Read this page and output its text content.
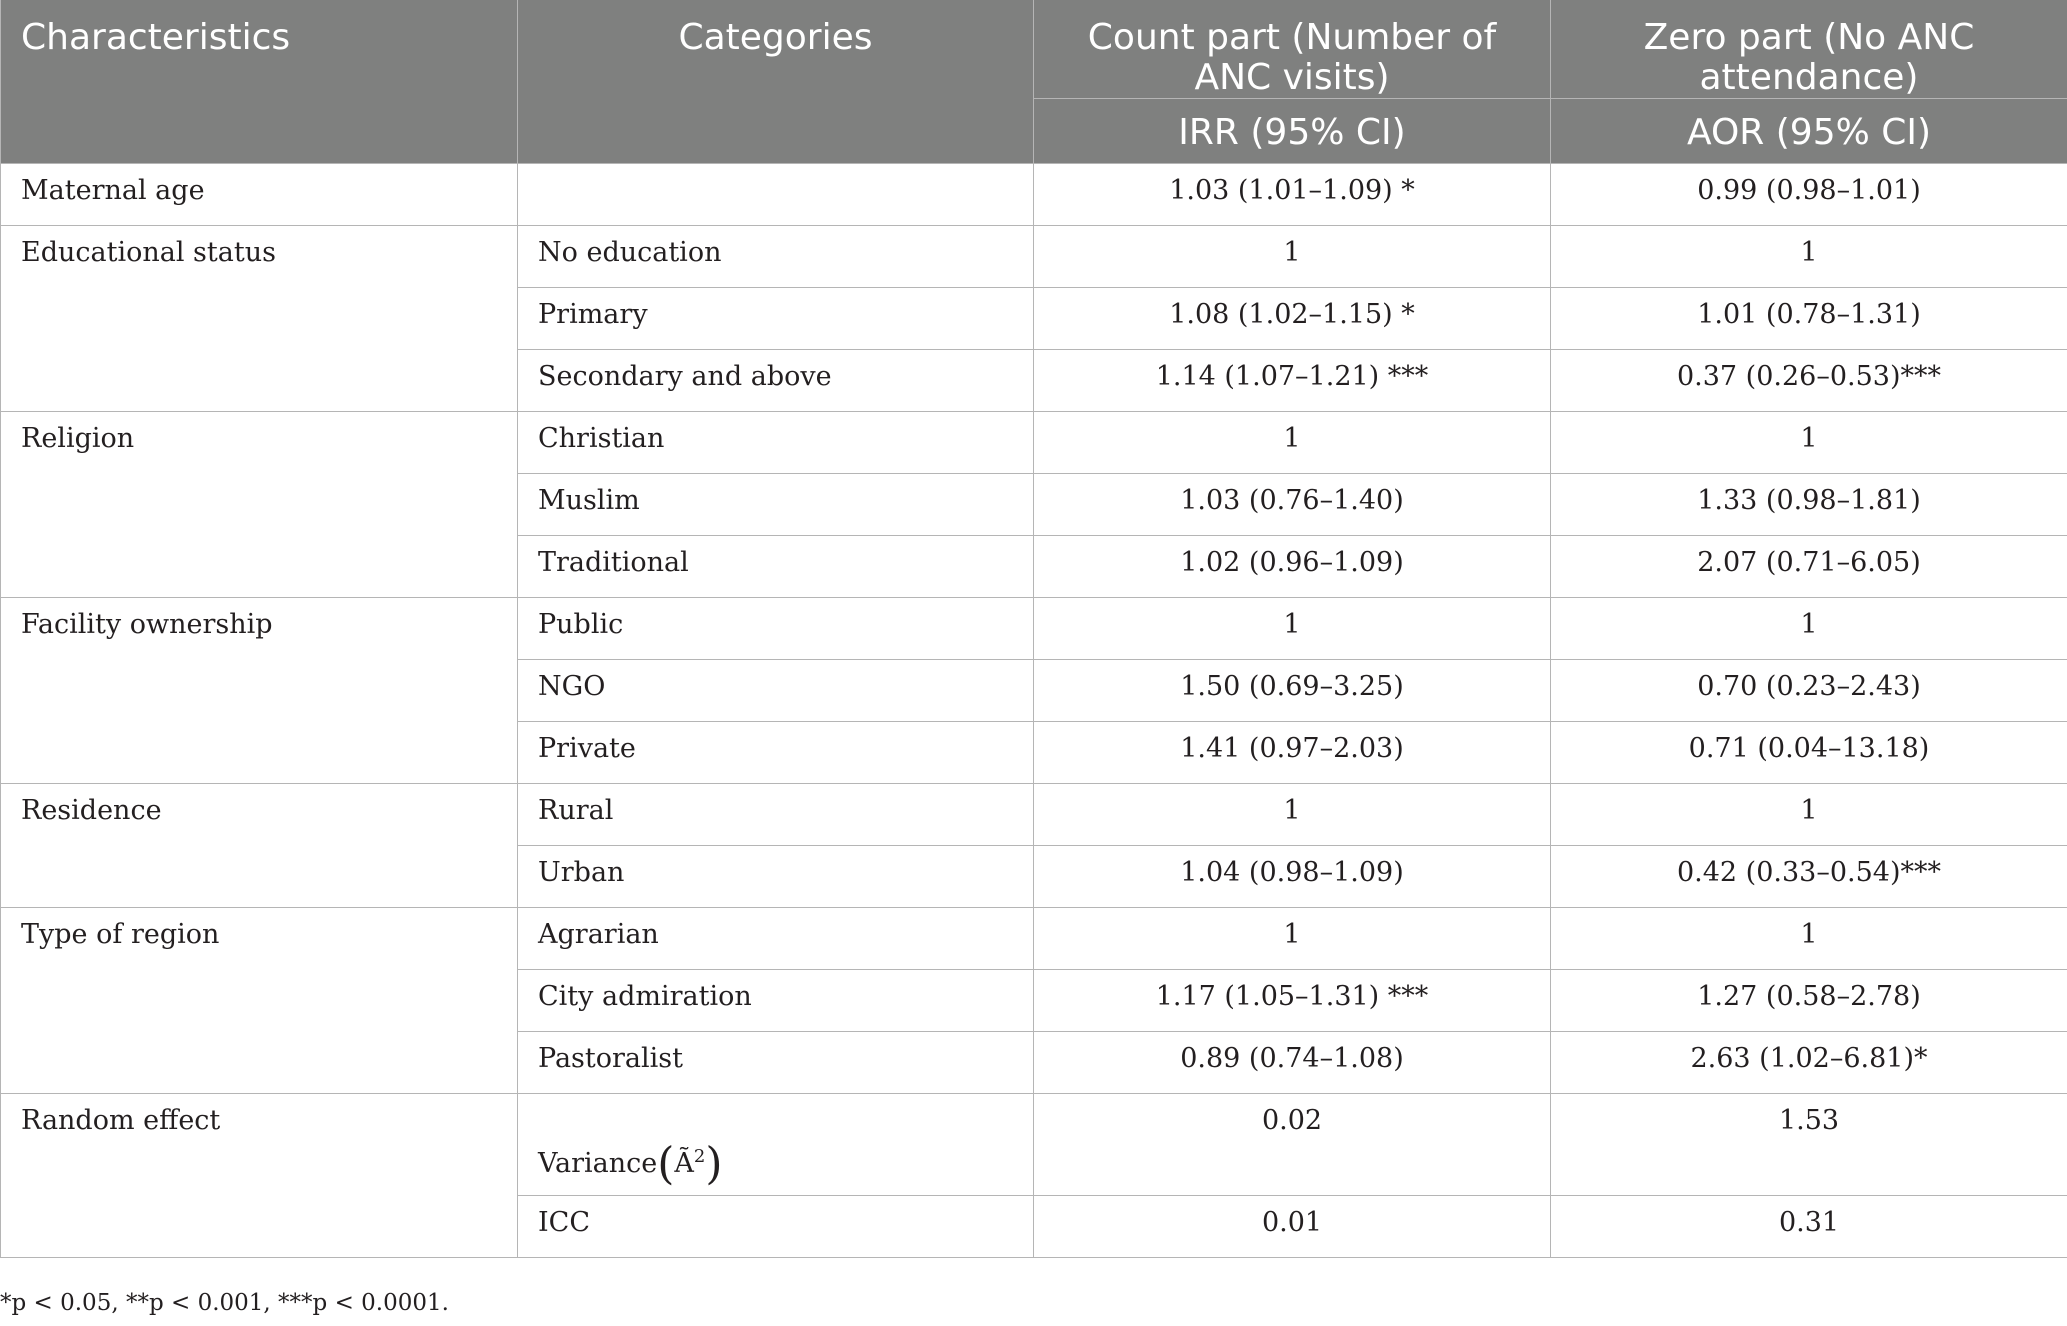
Characteristics	Categories	Count part (Number of ANC visits)	Zero part (No ANC attendance)
		IRR (95% CI)	AOR (95% CI)
Maternal age		1.03 (1.01–1.09) *	0.99 (0.98–1.01)
Educational status	No education	1	1
	Primary	1.08 (1.02–1.15) *	1.01 (0.78–1.31)
	Secondary and above	1.14 (1.07–1.21) ***	0.37 (0.26–0.53)***
Religion	Christian	1	1
	Muslim	1.03 (0.76–1.40)	1.33 (0.98–1.81)
	Traditional	1.02 (0.96–1.09)	2.07 (0.71–6.05)
Facility ownership	Public	1	1
	NGO	1.50 (0.69–3.25)	0.70 (0.23–2.43)
	Private	1.41 (0.97–2.03)	0.71 (0.04–13.18)
Residence	Rural	1	1
	Urban	1.04 (0.98–1.09)	0.42 (0.33–0.54)***
Type of region	Agrarian	1	1
	City admiration	1.17 (1.05–1.31) ***	1.27 (0.58–2.78)
	Pastoralist	0.89 (0.74–1.08)	2.63 (1.02–6.81)*
Random effect	$Variance(Ã^2)$	0.02	1.53
	ICC	0.01	0.31
*p < 0.05, **p < 0.001, ***p < 0.0001.
